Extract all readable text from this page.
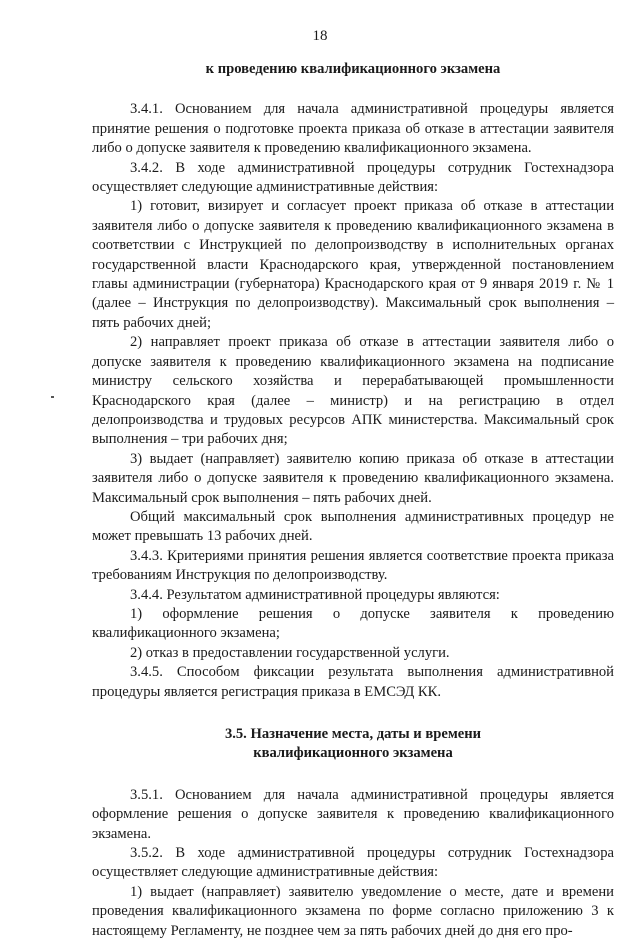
18

к проведению квалификационного экзамена

3.4.1. Основанием для начала административной процедуры является принятие решения о подготовке проекта приказа об отказе в аттестации заявителя либо о допуске заявителя к проведению квалификационного экзамена.

3.4.2. В ходе административной процедуры сотрудник Гостехнадзора осуществляет следующие административные действия:

1) готовит, визирует и согласует проект приказа об отказе в аттестации заявителя либо о допуске заявителя к проведению квалификационного экзамена в соответствии с Инструкцией по делопроизводству в исполнительных органах государственной власти Краснодарского края, утвержденной постановлением главы администрации (губернатора) Краснодарского края от 9 января 2019 г. № 1 (далее – Инструкция по делопроизводству). Максимальный срок выполнения – пять рабочих дней;

2) направляет проект приказа об отказе в аттестации заявителя либо о допуске заявителя к проведению квалификационного экзамена на подписание министру сельского хозяйства и перерабатывающей промышленности Краснодарского края (далее – министр) и на регистрацию в отдел делопроизводства и трудовых ресурсов АПК министерства. Максимальный срок выполнения – три рабочих дня;

3) выдает (направляет) заявителю копию приказа об отказе в аттестации заявителя либо о допуске заявителя к проведению квалификационного экзамена. Максимальный срок выполнения – пять рабочих дней.

Общий максимальный срок выполнения административных процедур не может превышать 13 рабочих дней.

3.4.3. Критериями принятия решения является соответствие проекта приказа требованиям Инструкция по делопроизводству.

3.4.4. Результатом административной процедуры являются:

1) оформление решения о допуске заявителя к проведению квалификационного экзамена;

2) отказ в предоставлении государственной услуги.

3.4.5. Способом фиксации результата выполнения административной процедуры является регистрация приказа в ЕМСЭД КК.

3.5. Назначение места, даты и времени

квалификационного экзамена

3.5.1. Основанием для начала административной процедуры является оформление решения о допуске заявителя к проведению квалификационного экзамена.

3.5.2. В ходе административной процедуры сотрудник Гостехнадзора осуществляет следующие административные действия:

1) выдает (направляет) заявителю уведомление о месте, дате и времени проведения квалификационного экзамена по форме согласно приложению 3 к настоящему Регламенту, не позднее чем за пять рабочих дней до дня его про-
